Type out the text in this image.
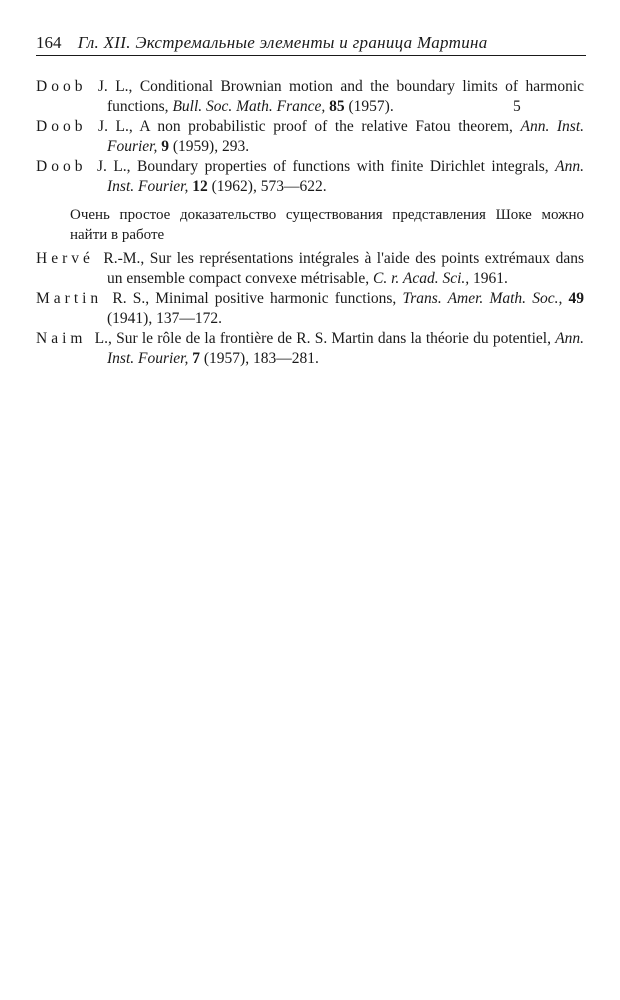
164 Гл. XII. Экстремальные элементы и граница Мартина

Doob J. L., Conditional Brownian motion and the boundary limits of harmonic functions, Bull. Soc. Math. France, 85 (1957).	5

Doob J. L., A non probabilistic proof of the relative Fatou theorem, Ann. Inst. Fourier, 9 (1959), 293.

Doob J. L., Boundary properties of functions with finite Dirichlet integrals, Ann. Inst. Fourier, 12 (1962), 573—622.

Очень простое доказательство существования представления Шоке можно найти в работе

Hervé R.-M., Sur les représentations intégrales à l'aide des points extrémaux dans un ensemble compact convexe métrisable, C. r. Acad. Sci., 1961.

Martin R. S., Minimal positive harmonic functions, Trans. Amer. Math. Soc., 49 (1941), 137—172.

Naim L., Sur le rôle de la frontière de R. S. Martin dans la théorie du potentiel, Ann. Inst. Fourier, 7 (1957), 183—281.
